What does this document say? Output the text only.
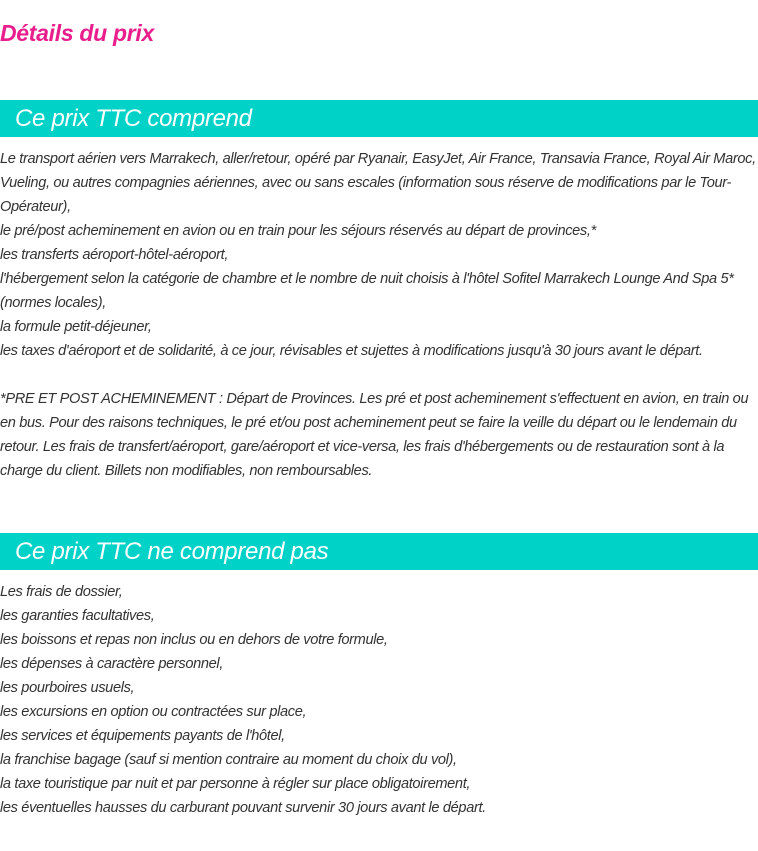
Détails du prix
Ce prix TTC comprend

Le transport aérien vers Marrakech, aller/retour, opéré par Ryanair, EasyJet, Air France, Transavia France, Royal Air Maroc, Vueling, ou autres compagnies aériennes, avec ou sans escales (information sous réserve de modifications par le Tour- Opérateur),

le pré/post acheminement en avion ou en train pour les séjours réservés au départ de provinces,*

les transferts aéroport-hôtel-aéroport,

l'hébergement selon la catégorie de chambre et le nombre de nuit choisis à l'hôtel Sofitel Marrakech Lounge And Spa 5* (normes locales),

la formule petit-déjeuner,

les taxes d'aéroport et de solidarité, à ce jour, révisables et sujettes à modifications jusqu'à 30 jours avant le départ.

*PRE ET POST ACHEMINEMENT : Départ de Provinces. Les pré et post acheminement s'effectuent en avion, en train ou en bus. Pour des raisons techniques, le pré et/ou post acheminement peut se faire la veille du départ ou le lendemain du retour. Les frais de transfert/aéroport, gare/aéroport et vice-versa, les frais d'hébergements ou de restauration sont à la charge du client. Billets non modifiables, non remboursables.

Ce prix TTC ne comprend pas

Les frais de dossier,

les garanties facultatives,

les boissons et repas non inclus ou en dehors de votre formule,

les dépenses à caractère personnel,

les pourboires usuels,

les excursions en option ou contractées sur place,

les services et équipements payants de l'hôtel,

la franchise bagage (sauf si mention contraire au moment du choix du vol),

la taxe touristique par nuit et par personne à régler sur place obligatoirement,

les éventuelles hausses du carburant pouvant survenir 30 jours avant le départ.
